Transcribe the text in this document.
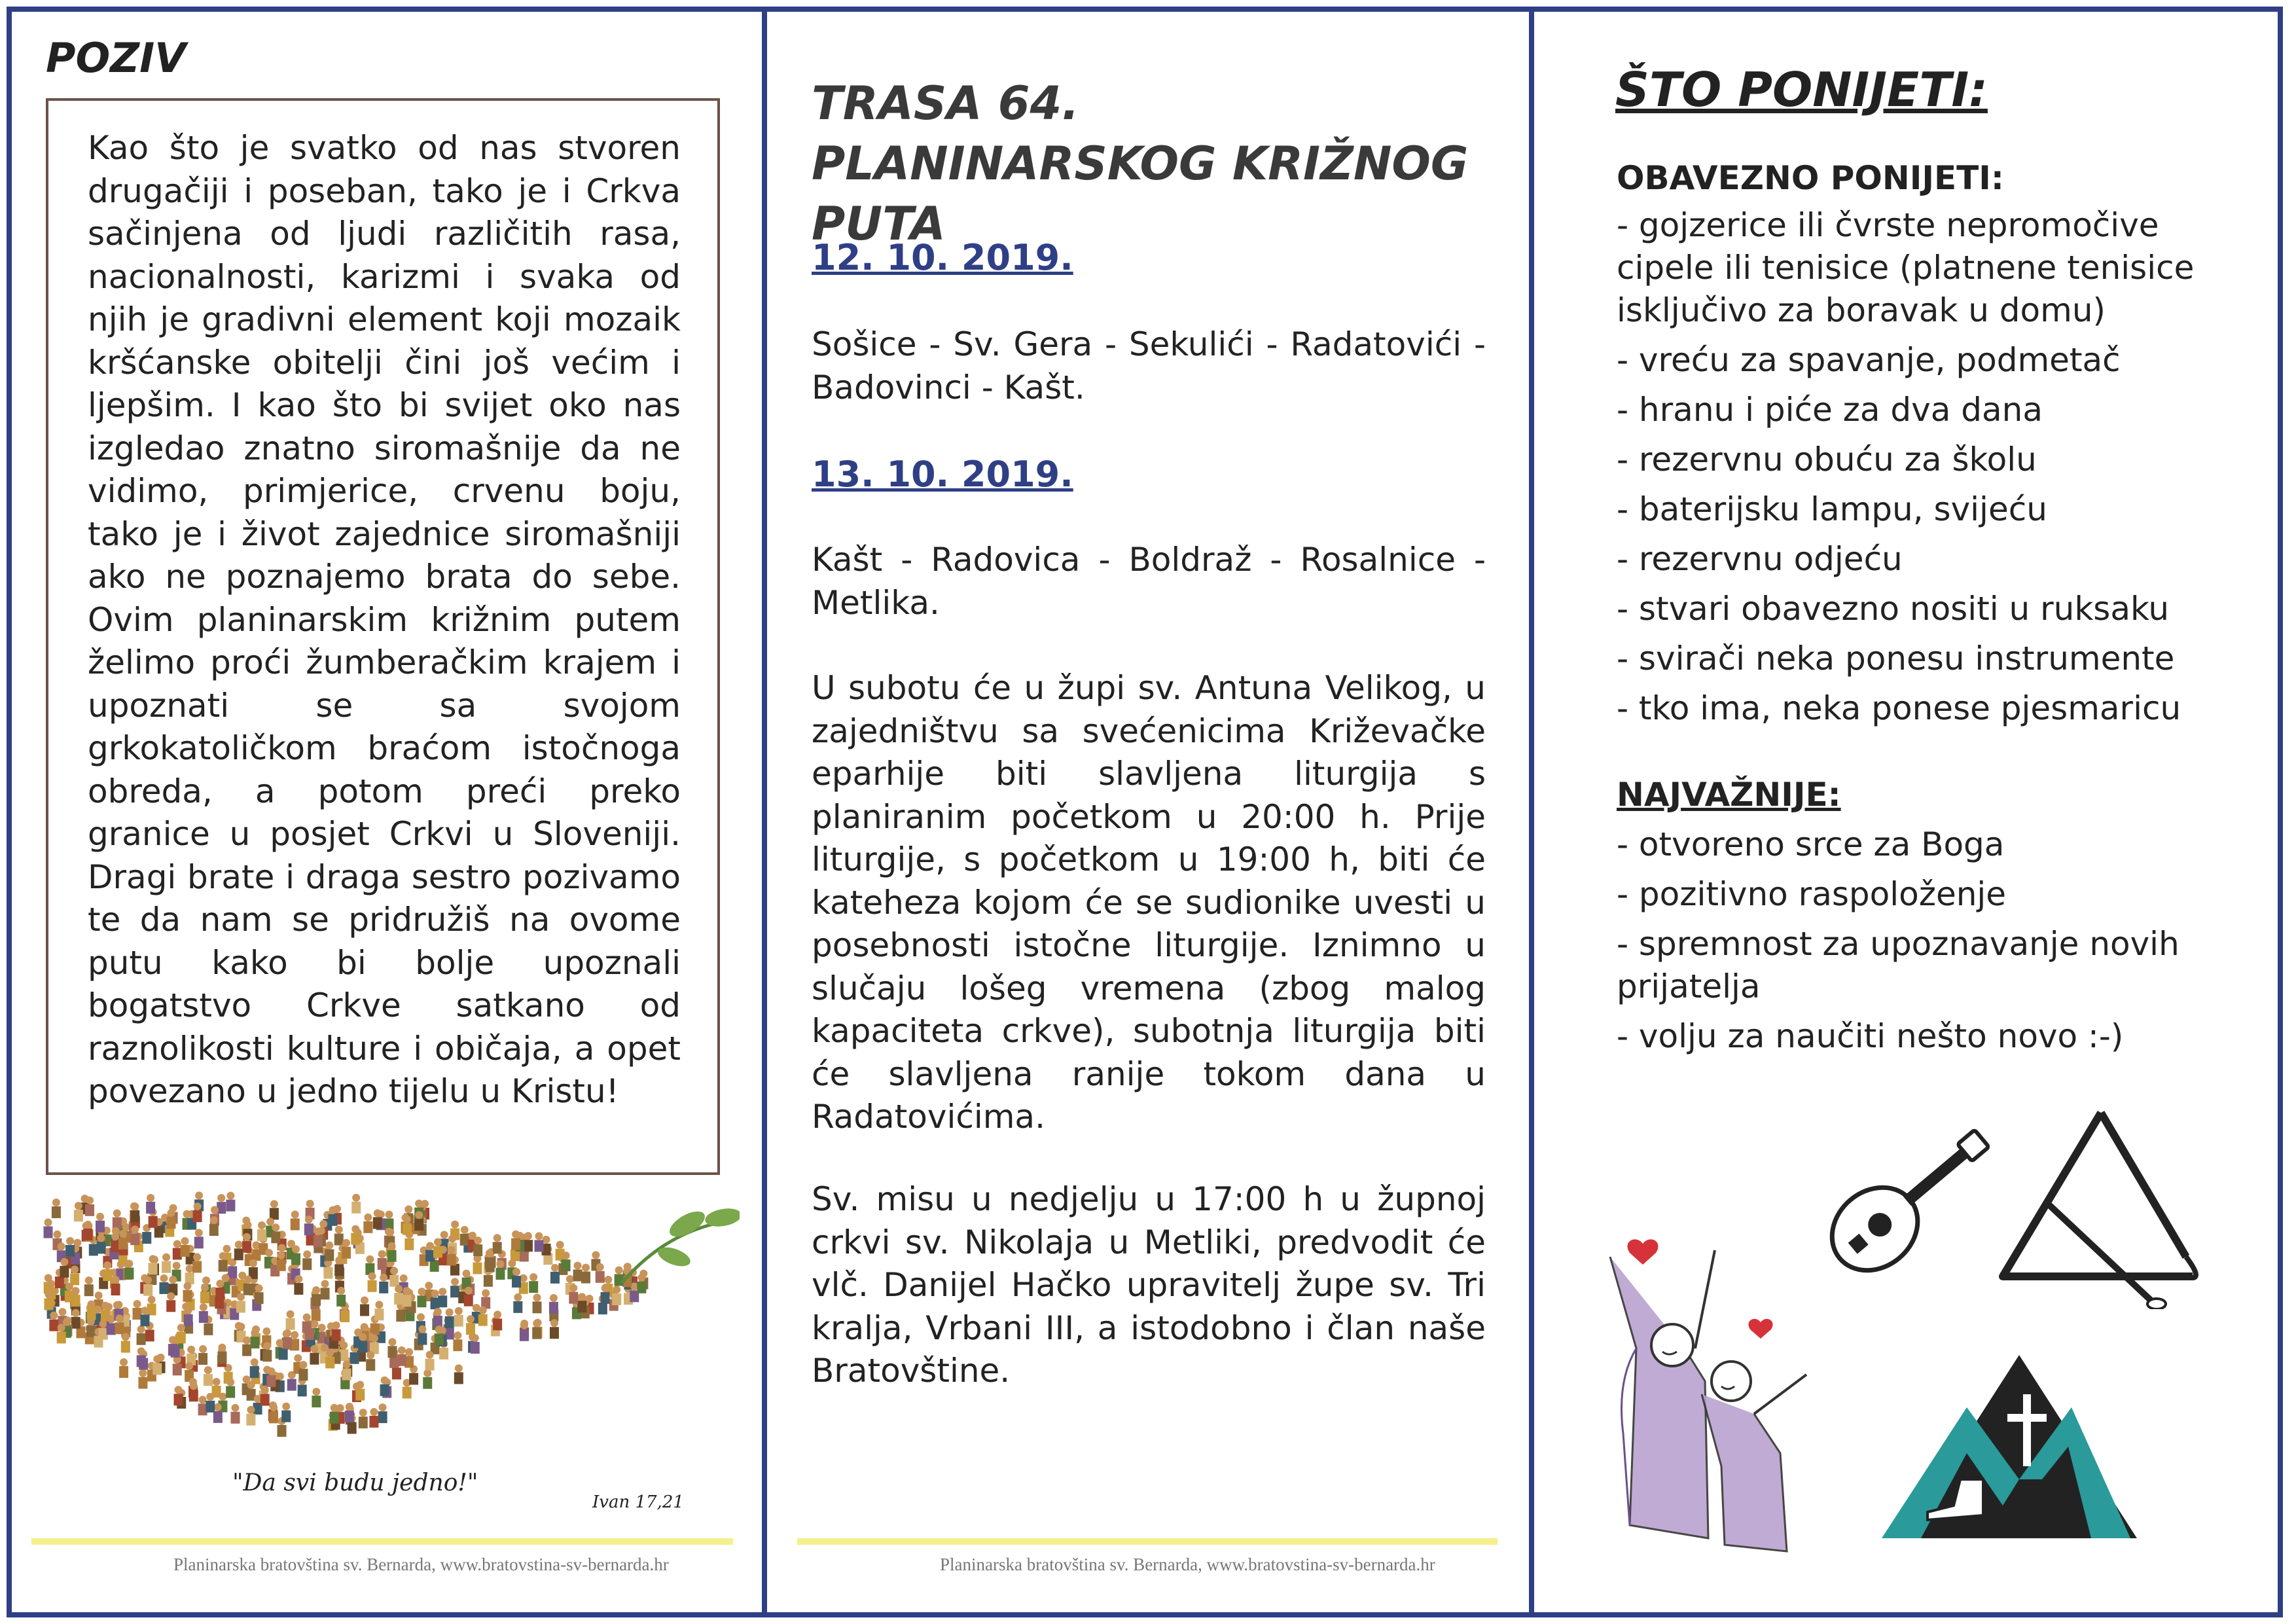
POZIV

Kao što je svatko od nas stvoren drugačiji i poseban, tako je i Crkva sačinjena od ljudi različitih rasa, nacionalnosti, karizmi i svaka od njih je gradivni element koji mozaik kršćanske obitelji čini još većim i ljepšim. I kao što bi svijet oko nas izgledao znatno siromašnije da ne vidimo, primjerice, crvenu boju, tako je i život zajednice siromašniji ako ne poznajemo brata do sebe. Ovim planinarskim križnim putem želimo proći žumberačkim krajem i upoznati se sa svojom grkokatoličkom braćom istočnoga obreda, a potom preći preko granice u posjet Crkvi u Sloveniji. Dragi brate i draga sestro pozivamo te da nam se pridružiš na ovome putu kako bi bolje upoznali bogatstvo Crkve satkano od raznolikosti kulture i običaja, a opet povezano u jedno tijelu u Kristu!

"Da svi budu jedno!"
Ivan 17,21
Planinarska bratovština sv. Bernarda, www.bratovstina-sv-bernarda.hr
TRASA 64. PLANINARSKOG KRIŽNOG PUTA
12. 10. 2019.

Sošice - Sv. Gera - Sekulići - Radatovići - Badovinci - Kašt.

13. 10. 2019.

Kašt - Radovica - Boldraž - Rosalnice - Metlika.

U subotu će u župi sv. Antuna Velikog, u zajedništvu sa svećenicima Križevačke eparhije biti slavljena liturgija s planiranim početkom u 20:00 h. Prije liturgije, s početkom u 19:00 h, biti će kateheza kojom će se sudionike uvesti u posebnosti istočne liturgije. Iznimno u slučaju lošeg vremena (zbog malog kapaciteta crkve), subotnja liturgija biti će slavljena ranije tokom dana u Radatovićima.

Sv. misu u nedjelju u 17:00 h u župnoj crkvi sv. Nikolaja u Metliki, predvodit će vlč. Danijel Hačko upravitelj župe sv. Tri kralja, Vrbani III, a istodobno i član naše Bratovštine.

Planinarska bratovština sv. Bernarda, www.bratovstina-sv-bernarda.hr
ŠTO PONIJETI:
OBAVEZNO PONIJETI:
- gojzerice ili čvrste nepromočive cipele ili tenisice (platnene tenisice isključivo za boravak u domu)
- vreću za spavanje, podmetač
- hranu i piće za dva dana
- rezervnu obuću za školu
- baterijsku lampu, svijeću
- rezervnu odjeću
- stvari obavezno nositi u ruksaku
- svirači neka ponesu instrumente
- tko ima, neka ponese pjesmaricu
NAJVAŽNIJE:
- otvoreno srce za Boga
- pozitivno raspoloženje
- spremnost za upoznavanje novih prijatelja
- volju za naučiti nešto novo :-)
